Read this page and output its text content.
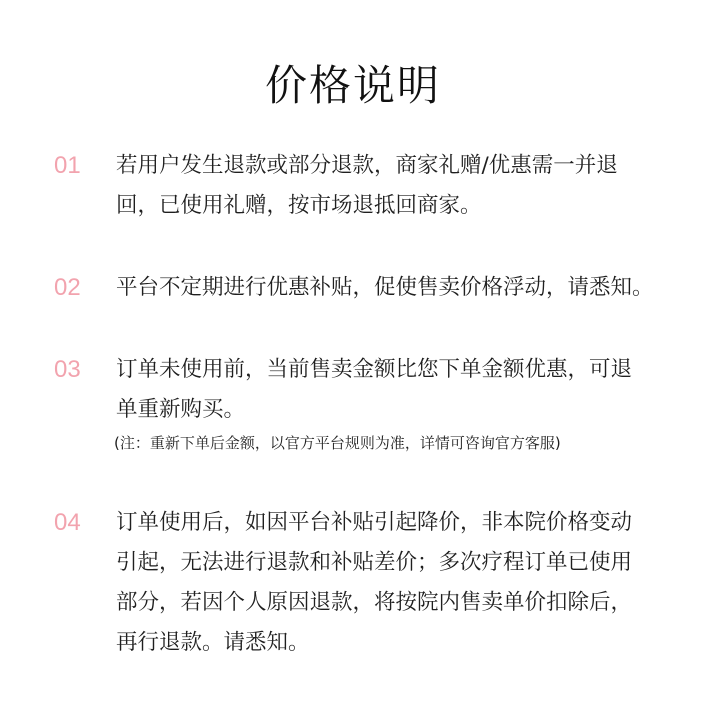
价格说明
01	若用户发生退款或部分退款，商家礼赠/优惠需一并退
回，已使用礼赠，按市场退抵回商家。
02	平台不定期进行优惠补贴，促使售卖价格浮动，请悉知。
03	订单未使用前，当前售卖金额比您下单金额优惠，可退
单重新购买。
(注：重新下单后金额，以官方平台规则为准，详情可咨询官方客服)
04	订单使用后，如因平台补贴引起降价，非本院价格变动
引起，无法进行退款和补贴差价；多次疗程订单已使用
部分，若因个人原因退款，将按院内售卖单价扣除后，
再行退款。请悉知。
